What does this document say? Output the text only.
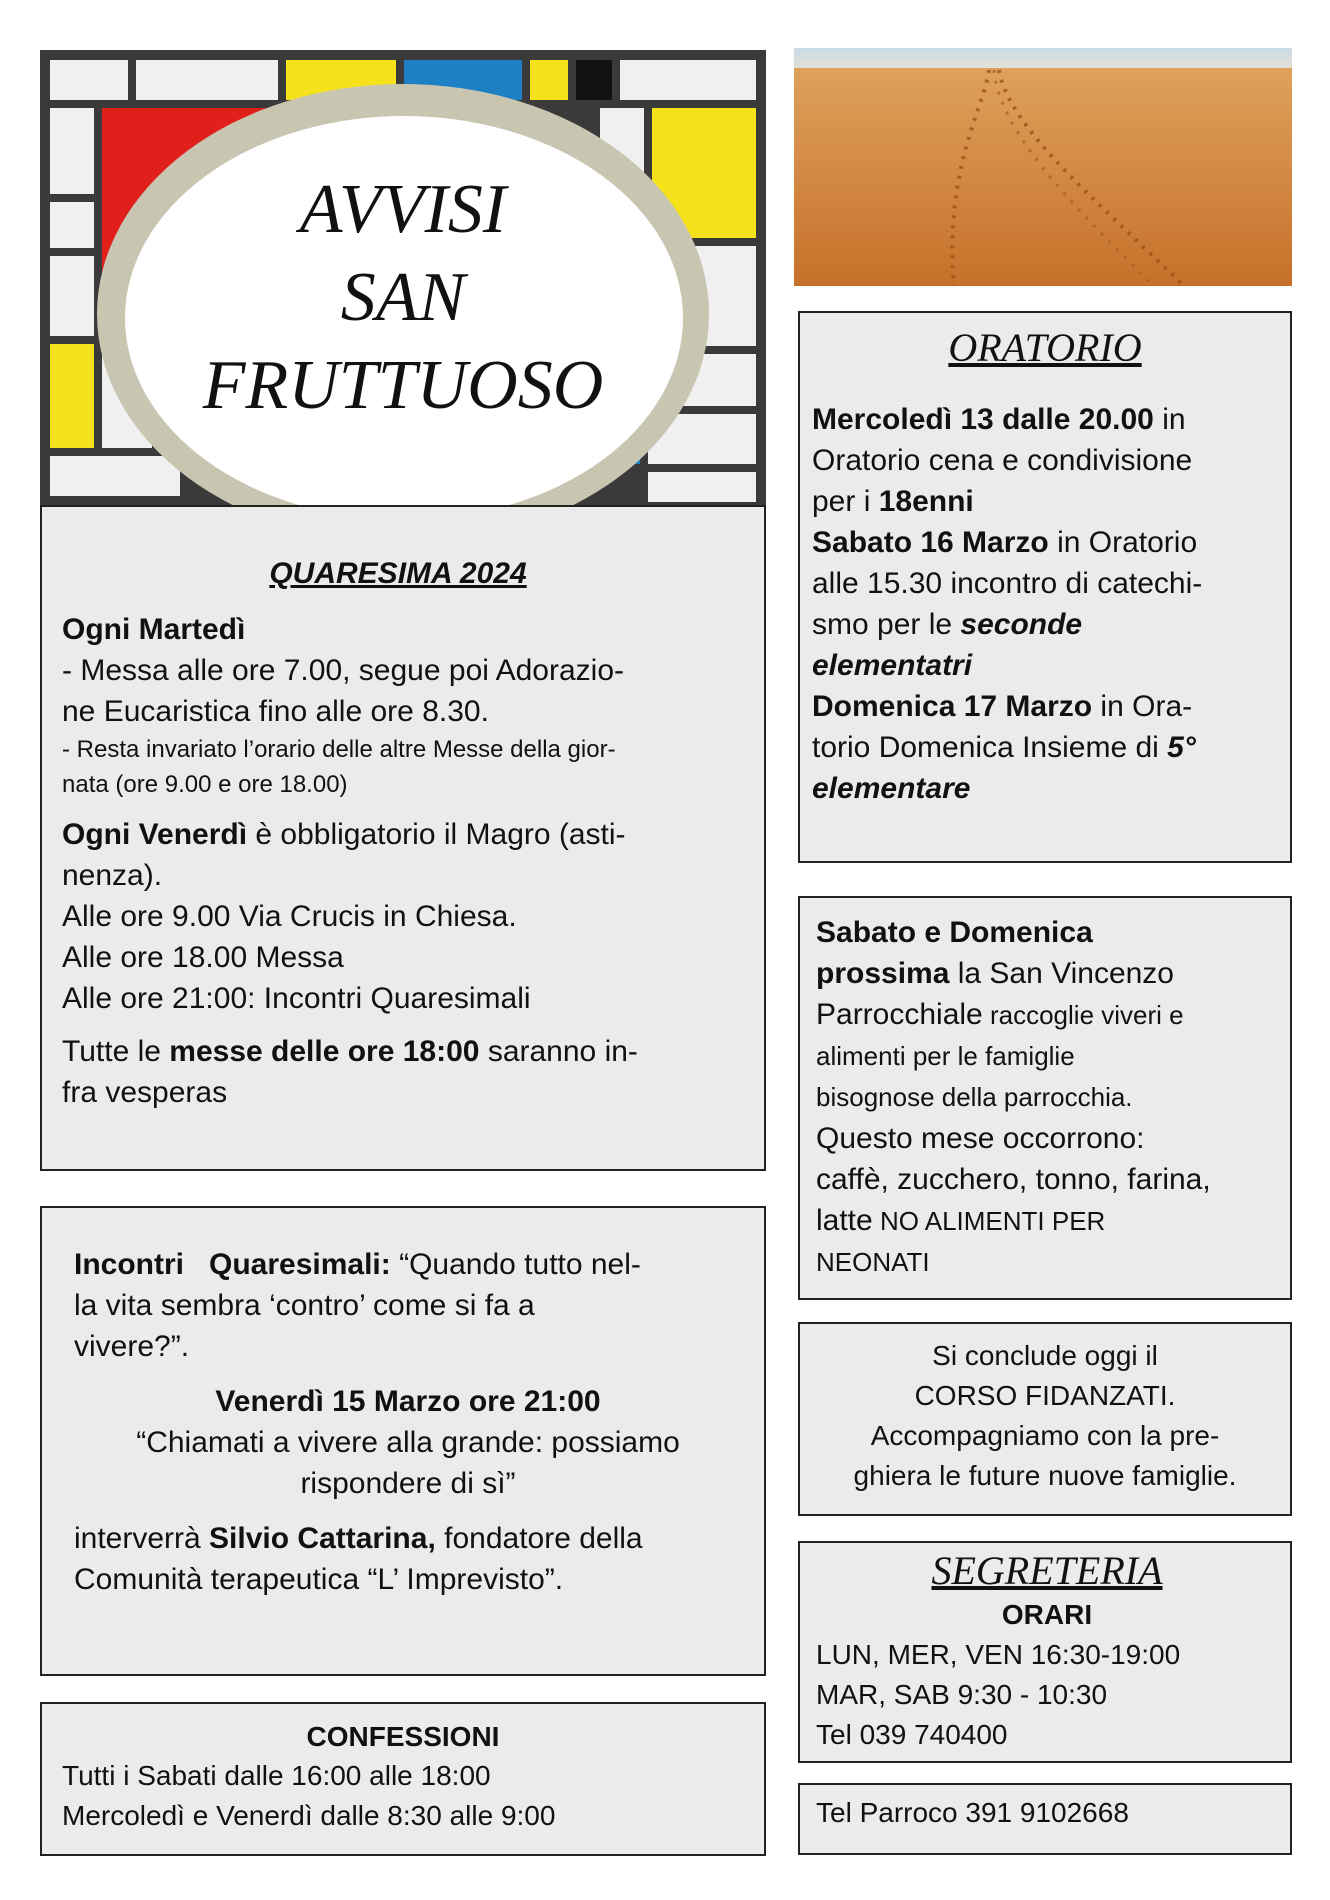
AVVISI
SAN
FRUTTUOSO

QUARESIMA 2024

Ogni Martedì

- Messa alle ore 7.00, segue poi Adorazio-

ne Eucaristica fino alle ore 8.30.

- Resta invariato l’orario delle altre Messe della gior-

nata (ore 9.00 e ore 18.00)

Ogni Venerdì è obbligatorio il Magro (asti-

nenza).

Alle ore 9.00 Via Crucis in Chiesa.

Alle ore 18.00 Messa

Alle ore 21:00: Incontri Quaresimali

Tutte le messe delle ore 18:00 saranno in-

fra vesperas

Incontri   Quaresimali: “Quando tutto nel-

la vita sembra ‘contro’ come si fa a

vivere?”.

Venerdì 15 Marzo ore 21:00

“Chiamati a vivere alla grande: possiamo

rispondere di sì”

interverrà Silvio Cattarina, fondatore della

Comunità terapeutica “L’ Imprevisto”.

CONFESSIONI

Tutti i Sabati dalle 16:00 alle 18:00

Mercoledì e Venerdì dalle 8:30 alle 9:00

ORATORIO

Mercoledì 13 dalle 20.00 in

Oratorio cena e condivisione

per i 18enni

Sabato 16 Marzo in Oratorio

alle 15.30 incontro di catechi-

smo per le seconde

elementatri

Domenica 17 Marzo in Ora-

torio Domenica Insieme di 5°

elementare

Sabato e Domenica

prossima la San Vincenzo

Parrocchiale raccoglie viveri e

alimenti per le famiglie

bisognose della parrocchia.

Questo mese occorrono:

caffè, zucchero, tonno, farina,

latte NO ALIMENTI PER

NEONATI

Si conclude oggi il

CORSO FIDANZATI.

Accompagniamo con la pre-

ghiera le future nuove famiglie.

SEGRETERIA

ORARI

LUN, MER, VEN 16:30-19:00

MAR, SAB 9:30 - 10:30

Tel 039 740400

Tel Parroco 391 9102668
